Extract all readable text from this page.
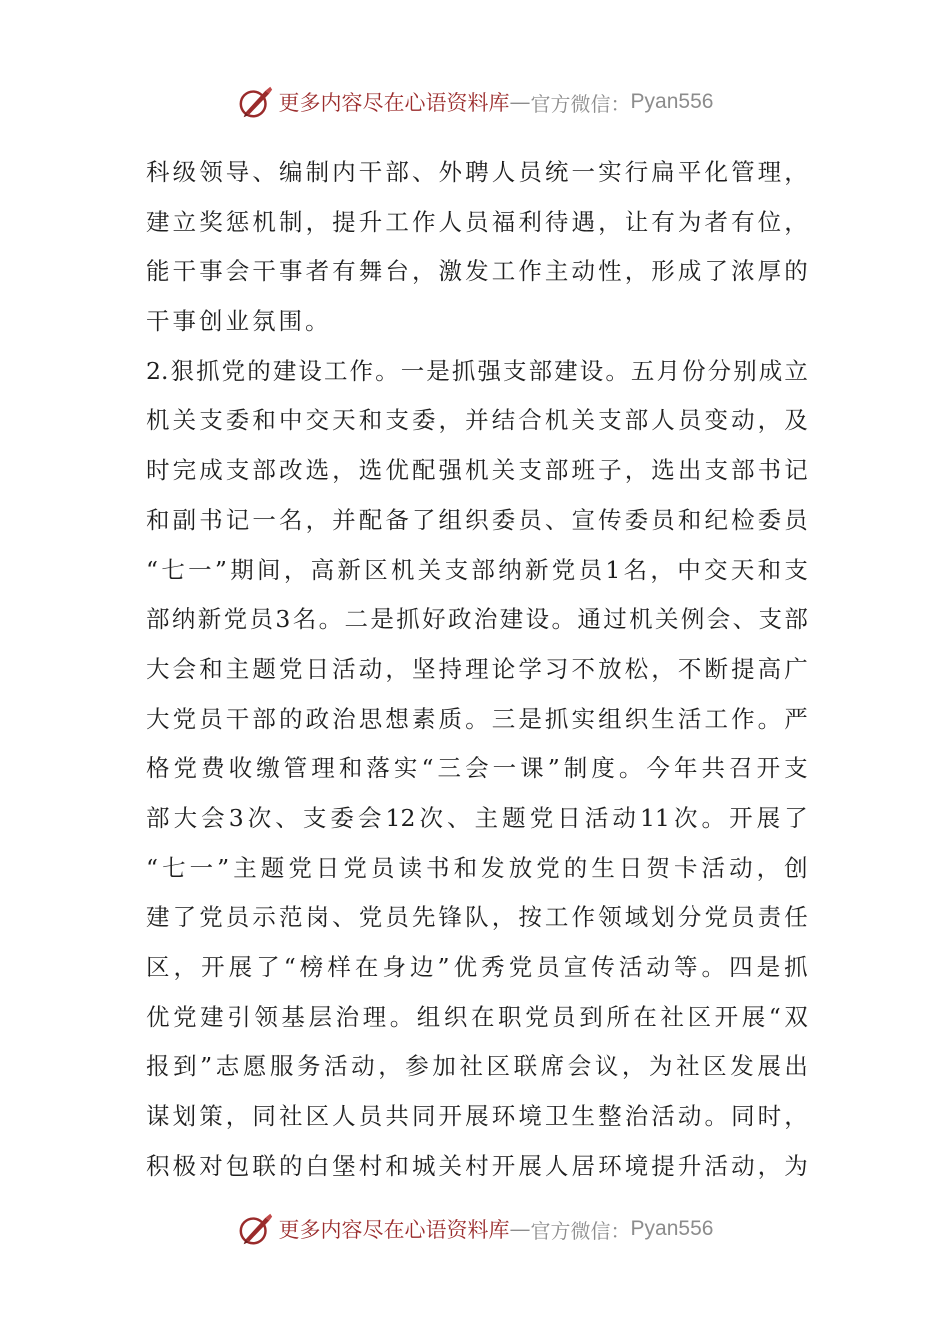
更多内容尽在心语资料库 — 官方微信： Pyan556
科 级 领 导 、 编 制 内 干 部 、 外 聘 人 员 统 一 实 行 扁 平 化 管 理 ，
建 立 奖 惩 机 制 ， 提 升 工 作 人 员 福 利 待 遇 ， 让 有 为 者 有 位 ，
能 干 事 会 干 事 者 有 舞 台 ， 激 发 工 作 主 动 性 ， 形 成 了 浓 厚 的
干事创业氛围。
2. 狠 抓 党 的 建 设 工 作 。 一 是 抓 强 支 部 建 设 。 五 月 份 分 别 成 立
机 关 支 委 和 中 交 天 和 支 委 ， 并 结 合 机 关 支 部 人 员 变 动 ， 及
时 完 成 支 部 改 选 ， 选 优 配 强 机 关 支 部 班 子 ， 选 出 支 部 书 记
和 副 书 记 一 名 ， 并 配 备 了 组 织 委 员 、 宣 传 委 员 和 纪 检 委 员
“ 七 一 ” 期 间 ， 高 新 区 机 关 支 部 纳 新 党 员 1 名 ， 中 交 天 和 支
部 纳 新 党 员 3 名 。 二 是 抓 好 政 治 建 设 。 通 过 机 关 例 会 、 支 部
大 会 和 主 题 党 日 活 动 ， 坚 持 理 论 学 习 不 放 松 ， 不 断 提 高 广
大 党 员 干 部 的 政 治 思 想 素 质 。 三 是 抓 实 组 织 生 活 工 作 。 严
格 党 费 收 缴 管 理 和 落 实 “ 三 会 一 课 ” 制 度 。 今 年 共 召 开 支
部 大 会 3 次 、 支 委 会 12 次 、 主 题 党 日 活 动 11 次 。 开 展 了
“ 七 一 ” 主 题 党 日 党 员 读 书 和 发 放 党 的 生 日 贺 卡 活 动 ， 创
建 了 党 员 示 范 岗 、 党 员 先 锋 队 ， 按 工 作 领 域 划 分 党 员 责 任
区 ， 开 展 了 “ 榜 样 在 身 边 ” 优 秀 党 员 宣 传 活 动 等 。 四 是 抓
优 党 建 引 领 基 层 治 理 。 组 织 在 职 党 员 到 所 在 社 区 开 展 “ 双
报 到 ” 志 愿 服 务 活 动 ， 参 加 社 区 联 席 会 议 ， 为 社 区 发 展 出
谋 划 策 ， 同 社 区 人 员 共 同 开 展 环 境 卫 生 整 治 活 动 。 同 时 ，
积 极 对 包 联 的 白 堡 村 和 城 关 村 开 展 人 居 环 境 提 升 活 动 ， 为
更多内容尽在心语资料库 — 官方微信： Pyan556
